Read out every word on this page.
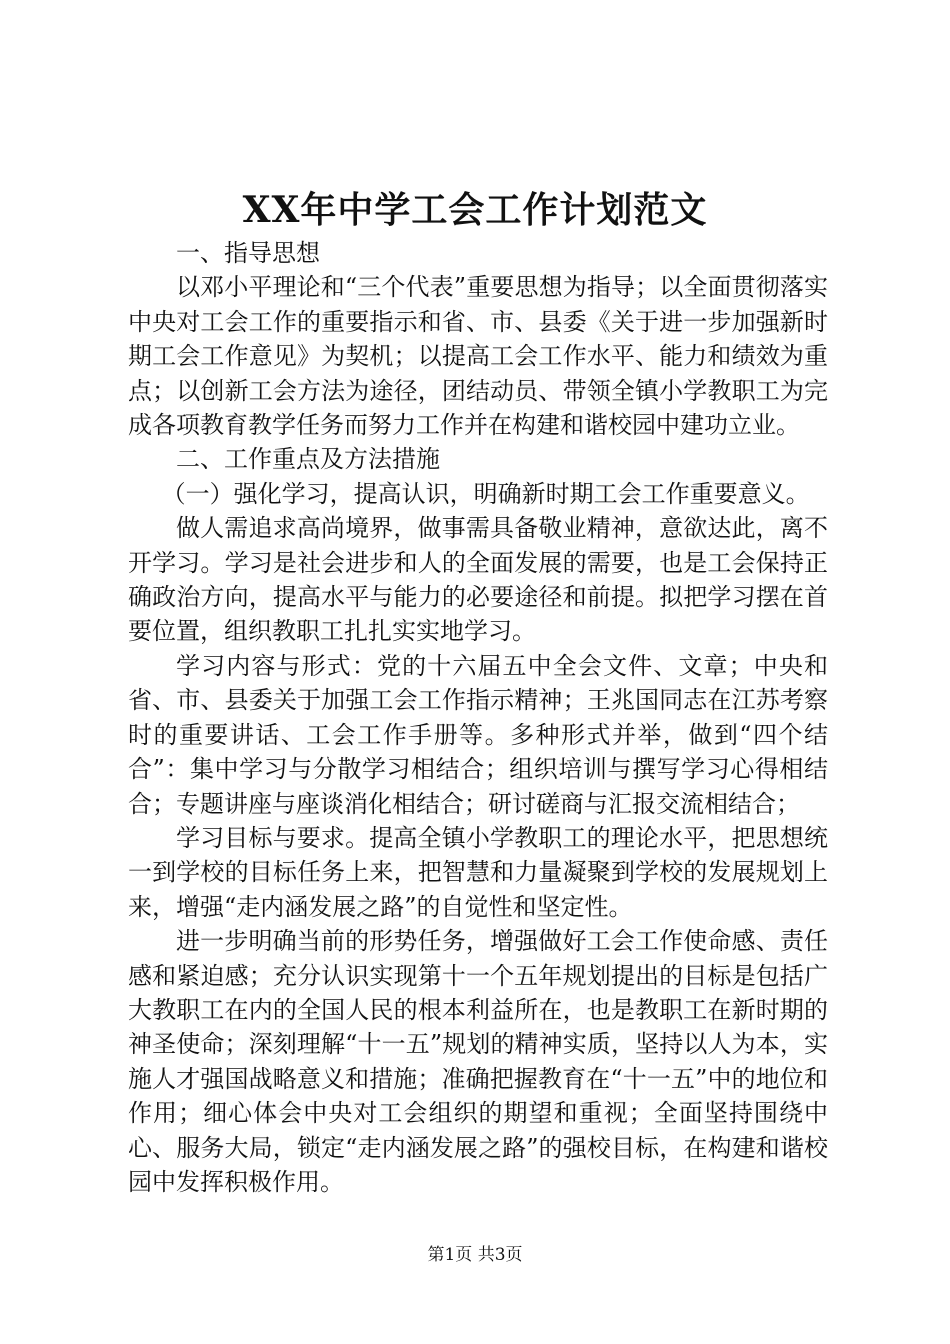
XX年中学工会工作计划范文

一、指导思想

以邓小平理论和“三个代表”重要思想为指导；以全面贯彻落实中央对工会工作的重要指示和省、市、县委《关于进一步加强新时期工会工作意见》为契机；以提高工会工作水平、能力和绩效为重点；以创新工会方法为途径，团结动员、带领全镇小学教职工为完成各项教育教学任务而努力工作并在构建和谐校园中建功立业。

二、工作重点及方法措施

（一）强化学习，提高认识，明确新时期工会工作重要意义。

做人需追求高尚境界，做事需具备敬业精神，意欲达此，离不开学习。学习是社会进步和人的全面发展的需要，也是工会保持正确政治方向，提高水平与能力的必要途径和前提。拟把学习摆在首要位置，组织教职工扎扎实实地学习。

学习内容与形式：党的十六届五中全会文件、文章；中央和省、市、县委关于加强工会工作指示精神；王兆国同志在江苏考察时的重要讲话、工会工作手册等。多种形式并举，做到“四个结合”：集中学习与分散学习相结合；组织培训与撰写学习心得相结合；专题讲座与座谈消化相结合；研讨磋商与汇报交流相结合；

学习目标与要求。提高全镇小学教职工的理论水平，把思想统一到学校的目标任务上来，把智慧和力量凝聚到学校的发展规划上来，增强“走内涵发展之路”的自觉性和坚定性。

进一步明确当前的形势任务，增强做好工会工作使命感、责任感和紧迫感；充分认识实现第十一个五年规划提出的目标是包括广大教职工在内的全国人民的根本利益所在，也是教职工在新时期的神圣使命；深刻理解“十一五”规划的精神实质，坚持以人为本，实施人才强国战略意义和措施；准确把握教育在“十一五”中的地位和作用；细心体会中央对工会组织的期望和重视；全面坚持围绕中心、服务大局，锁定“走内涵发展之路”的强校目标，在构建和谐校园中发挥积极作用。

第1页 共3页
